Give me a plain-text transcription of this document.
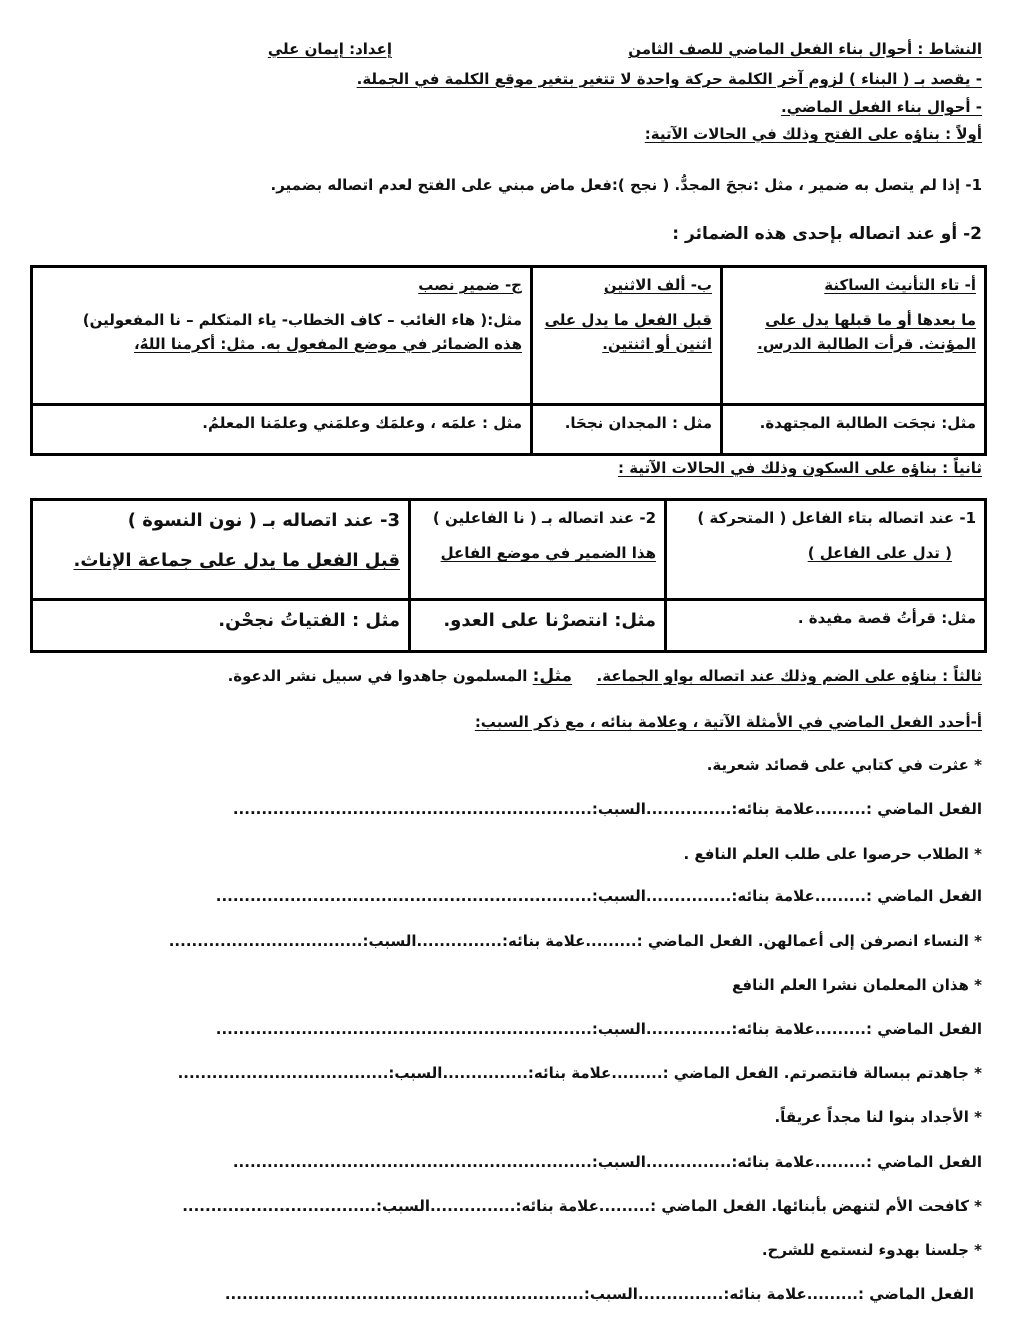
النشاط : أحوال بناء الفعل الماضي للصف الثامن
إعداد: إيمان علي
- يقصد بـ ( البناء ) لزوم آخر الكلمة حركة واحدة لا تتغير بتغير موقع الكلمة في الجملة.
- أحوال بناء الفعل الماضي.
أولاً : بناؤه على الفتح وذلك في الحالات الآتية:
1- إذا لم يتصل به ضمير ، مثل :نجحَ المجدُّ. ( نجح ):فعل ماض مبني على الفتح لعدم اتصاله بضمير.
2- أو عند اتصاله بإحدى هذه الضمائر :
أ- تاء التأنيث الساكنة
ما بعدها أو ما قبلها يدل على
المؤنث. قرأت الطالبة الدرس.	ب- ألف الاثنين
قبل الفعل ما يدل على
اثنين أو اثنتين.	ج- ضمير نصب
مثل:( هاء الغائب – كاف الخطاب- ياء المتكلم – نا المفعولين)
هذه الضمائر في موضع المفعول به. مثل: أكرمنا اللهُ،

مثل: نجحَت الطالبة المجتهدة.	مثل : المجدان نجحَا.	مثل : علمَه ، وعلمَك وعلمَني وعلمَنا المعلمُ.
ثانياً : بناؤه على السكون وذلك في الحالات الآتية :
1- عند اتصاله بتاء الفاعل ( المتحركة )
( تدل على الفاعل )	2- عند اتصاله بـ ( نا الفاعلين )
هذا الضمير في موضع الفاعل	3- عند اتصاله بـ ( نون النسوة )
قبل الفعل ما يدل على جماعة الإناث.

مثل: قرأتُ قصة مفيدة .	مثل: انتصرْنا على العدو.	مثل : الفتياتُ نجحْن.
ثالثاً : بناؤه على الضم وذلك عند اتصاله بواو الجماعة.  مثل: المسلمون جاهدوا في سبيل نشر الدعوة.
أ-أحدد الفعل الماضي في الأمثلة الآتية ، وعلامة بنائه ، مع ذكر السبب:
* عثرت في كتابي على قصائد شعرية.
الفعل الماضي :.........علامة بنائه:...............السبب:...............................................................
* الطلاب حرصوا على طلب العلم النافع .
الفعل الماضي :.........علامة بنائه:...............السبب:..................................................................
* النساء انصرفن إلى أعمالهن. الفعل الماضي :.........علامة بنائه:...............السبب:..................................
* هذان المعلمان نشرا العلم النافع
الفعل الماضي :.........علامة بنائه:...............السبب:..................................................................
* جاهدتم ببسالة فانتصرتم. الفعل الماضي :.........علامة بنائه:...............السبب:.....................................
* الأجداد بنوا لنا مجداً عريقاً.
الفعل الماضي :.........علامة بنائه:...............السبب:...............................................................
* كافحت الأم لتنهض بأبنائها. الفعل الماضي :.........علامة بنائه:...............السبب:..................................
* جلسنا بهدوء لنستمع للشرح.
الفعل الماضي :.........علامة بنائه:...............السبب:...............................................................
